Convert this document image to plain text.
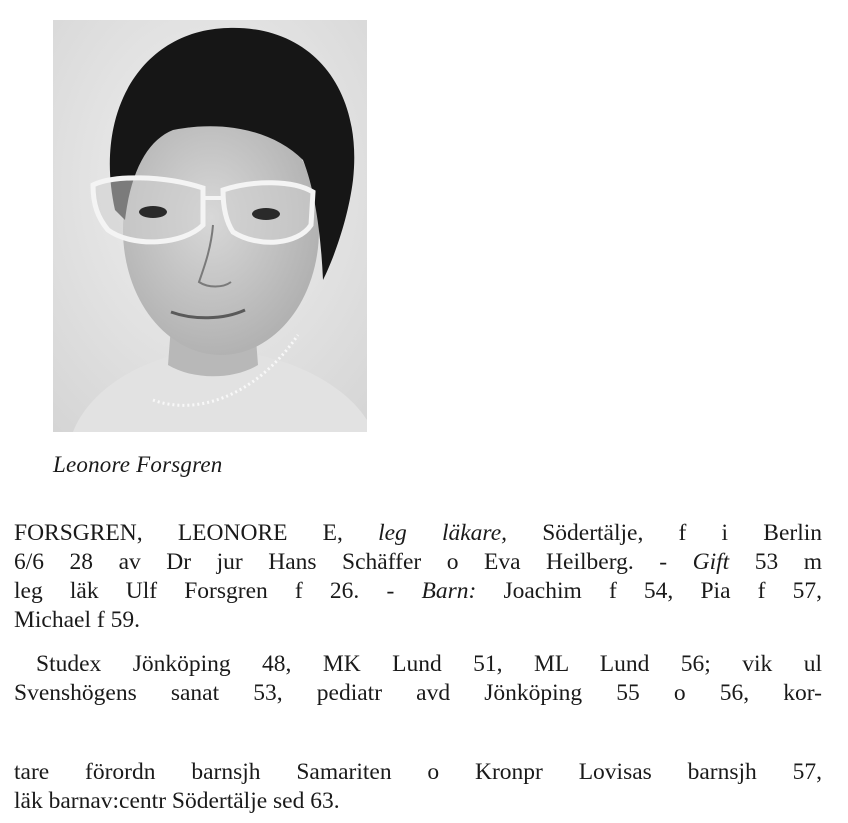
Leonore Forsgren
FORSGREN, LEONORE E, leg läkare, Södertälje, f i Berlin
6/6 28 av Dr jur Hans Schäffer o Eva Heilberg. - Gift 53 m
leg läk Ulf Forsgren f 26. - Barn: Joachim f 54, Pia f 57,
Michael f 59.
Studex Jönköping 48, MK Lund 51, ML Lund 56; vik ul
Svenshögens sanat 53, pediatr avd Jönköping 55 o 56, kor-
tare förordn barnsjh Samariten o Kronpr Lovisas barnsjh 57,
läk barnav:centr Södertälje sed 63.
